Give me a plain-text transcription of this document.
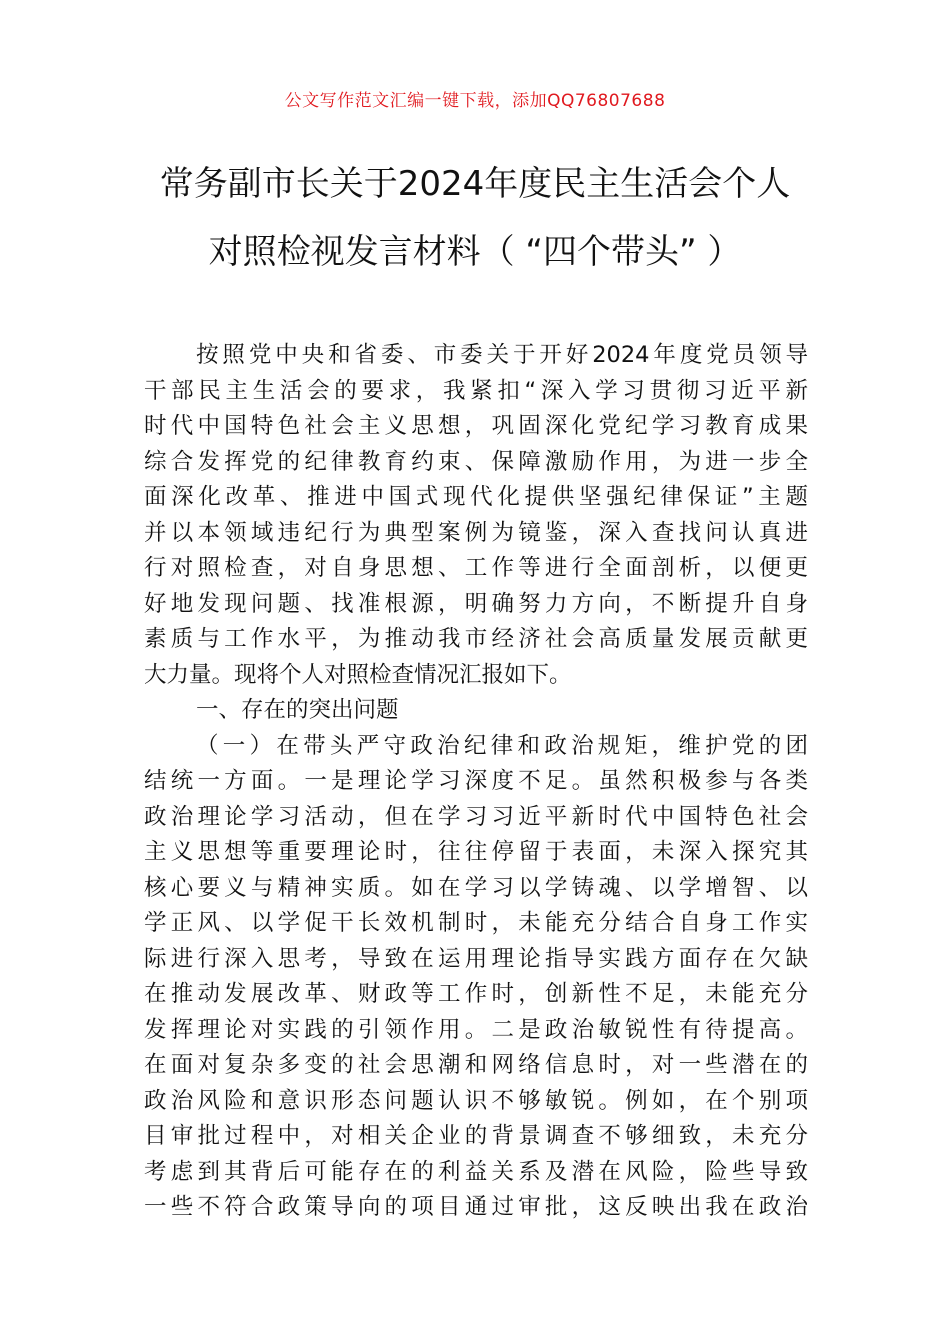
公文写作范文汇编一键下载，添加QQ76807688
常务副市长关于2024年度民主生活会个人
对照检视发言材料（ “四个带头” ）
按照党中央和省委、市委关于开好2024年度党员领导
干部民主生活会的要求，我紧扣“深入学习贯彻习近平新
时代中国特色社会主义思想，巩固深化党纪学习教育成果
综合发挥党的纪律教育约束、保障激励作用，为进一步全
面深化改革、推进中国式现代化提供坚强纪律保证”主题
并以本领域违纪行为典型案例为镜鉴，深入查找问认真进
行对照检查，对自身思想、工作等进行全面剖析，以便更
好地发现问题、找准根源，明确努力方向，不断提升自身
素质与工作水平，为推动我市经济社会高质量发展贡献更
大力量。现将个人对照检查情况汇报如下。
一、存在的突出问题
（一）在带头严守政治纪律和政治规矩，维护党的团
结统一方面。一是理论学习深度不足。虽然积极参与各类
政治理论学习活动，但在学习习近平新时代中国特色社会
主义思想等重要理论时，往往停留于表面，未深入探究其
核心要义与精神实质。如在学习以学铸魂、以学增智、以
学正风、以学促干长效机制时，未能充分结合自身工作实
际进行深入思考，导致在运用理论指导实践方面存在欠缺
在推动发展改革、财政等工作时，创新性不足，未能充分
发挥理论对实践的引领作用。二是政治敏锐性有待提高。
在面对复杂多变的社会思潮和网络信息时，对一些潜在的
政治风险和意识形态问题认识不够敏锐。例如，在个别项
目审批过程中，对相关企业的背景调查不够细致，未充分
考虑到其背后可能存在的利益关系及潜在风险，险些导致
一些不符合政策导向的项目通过审批，这反映出我在政治
